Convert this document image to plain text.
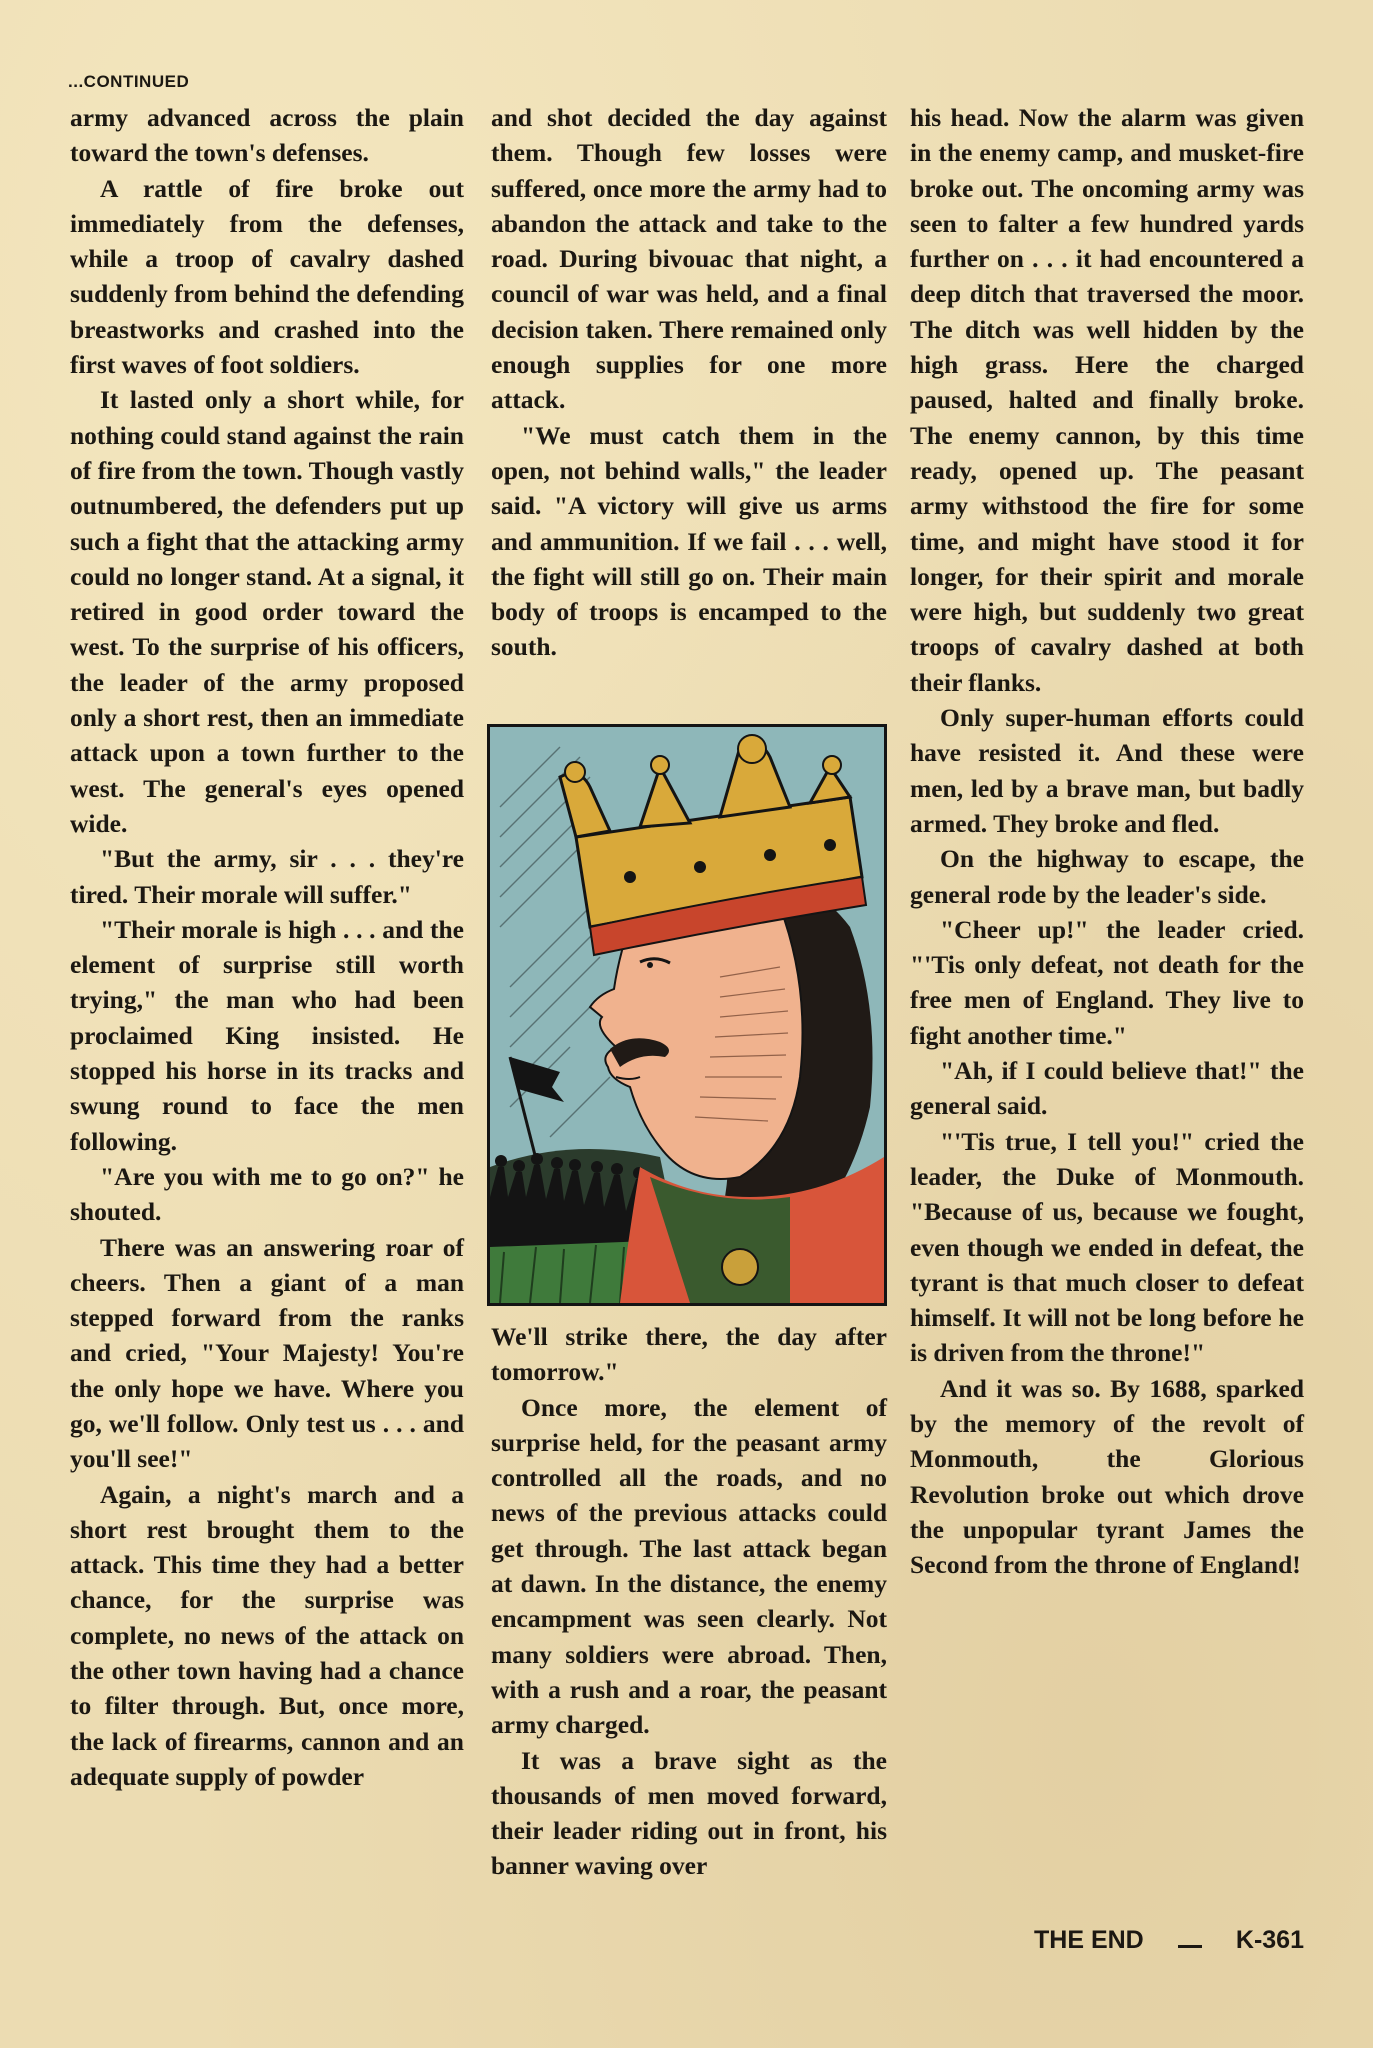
...CONTINUED

army advanced across the plain toward the town's defenses.

A rattle of fire broke out immediately from the defenses, while a troop of cavalry dashed suddenly from behind the defending breastworks and crashed into the first waves of foot soldiers.

It lasted only a short while, for nothing could stand against the rain of fire from the town. Though vastly outnumbered, the defenders put up such a fight that the attacking army could no longer stand. At a signal, it retired in good order toward the west. To the surprise of his officers, the leader of the army proposed only a short rest, then an immediate attack upon a town further to the west. The general's eyes opened wide.

"But the army, sir . . . they're tired. Their morale will suffer."

"Their morale is high . . . and the element of surprise still worth trying," the man who had been proclaimed King insisted. He stopped his horse in its tracks and swung round to face the men following.

"Are you with me to go on?" he shouted.

There was an answering roar of cheers. Then a giant of a man stepped forward from the ranks and cried, "Your Majesty! You're the only hope we have. Where you go, we'll follow. Only test us . . . and you'll see!"

Again, a night's march and a short rest brought them to the attack. This time they had a better chance, for the surprise was complete, no news of the attack on the other town having had a chance to filter through. But, once more, the lack of firearms, cannon and an adequate supply of powder

and shot decided the day against them. Though few losses were suffered, once more the army had to abandon the attack and take to the road. During bivouac that night, a council of war was held, and a final decision taken. There remained only enough supplies for one more attack.

"We must catch them in the open, not behind walls," the leader said. "A victory will give us arms and ammunition. If we fail . . . well, the fight will still go on. Their main body of troops is encamped to the south.

We'll strike there, the day after tomorrow."

Once more, the element of surprise held, for the peasant army controlled all the roads, and no news of the previous attacks could get through. The last attack began at dawn. In the distance, the enemy encampment was seen clearly. Not many soldiers were abroad. Then, with a rush and a roar, the peasant army charged.

It was a brave sight as the thousands of men moved forward, their leader riding out in front, his banner waving over

his head. Now the alarm was given in the enemy camp, and musket-fire broke out. The oncoming army was seen to falter a few hundred yards further on . . . it had encountered a deep ditch that traversed the moor. The ditch was well hidden by the high grass. Here the charged paused, halted and finally broke. The enemy cannon, by this time ready, opened up. The peasant army withstood the fire for some time, and might have stood it for longer, for their spirit and morale were high, but suddenly two great troops of cavalry dashed at both their flanks.

Only super-human efforts could have resisted it. And these were men, led by a brave man, but badly armed. They broke and fled.

On the highway to escape, the general rode by the leader's side.

"Cheer up!" the leader cried. "'Tis only defeat, not death for the free men of England. They live to fight another time."

"Ah, if I could believe that!" the general said.

"'Tis true, I tell you!" cried the leader, the Duke of Monmouth. "Because of us, because we fought, even though we ended in defeat, the tyrant is that much closer to defeat himself. It will not be long before he is driven from the throne!"

And it was so. By 1688, sparked by the memory of the revolt of Monmouth, the Glorious Revolution broke out which drove the unpopular tyrant James the Second from the throne of England!

THE END	K-361
